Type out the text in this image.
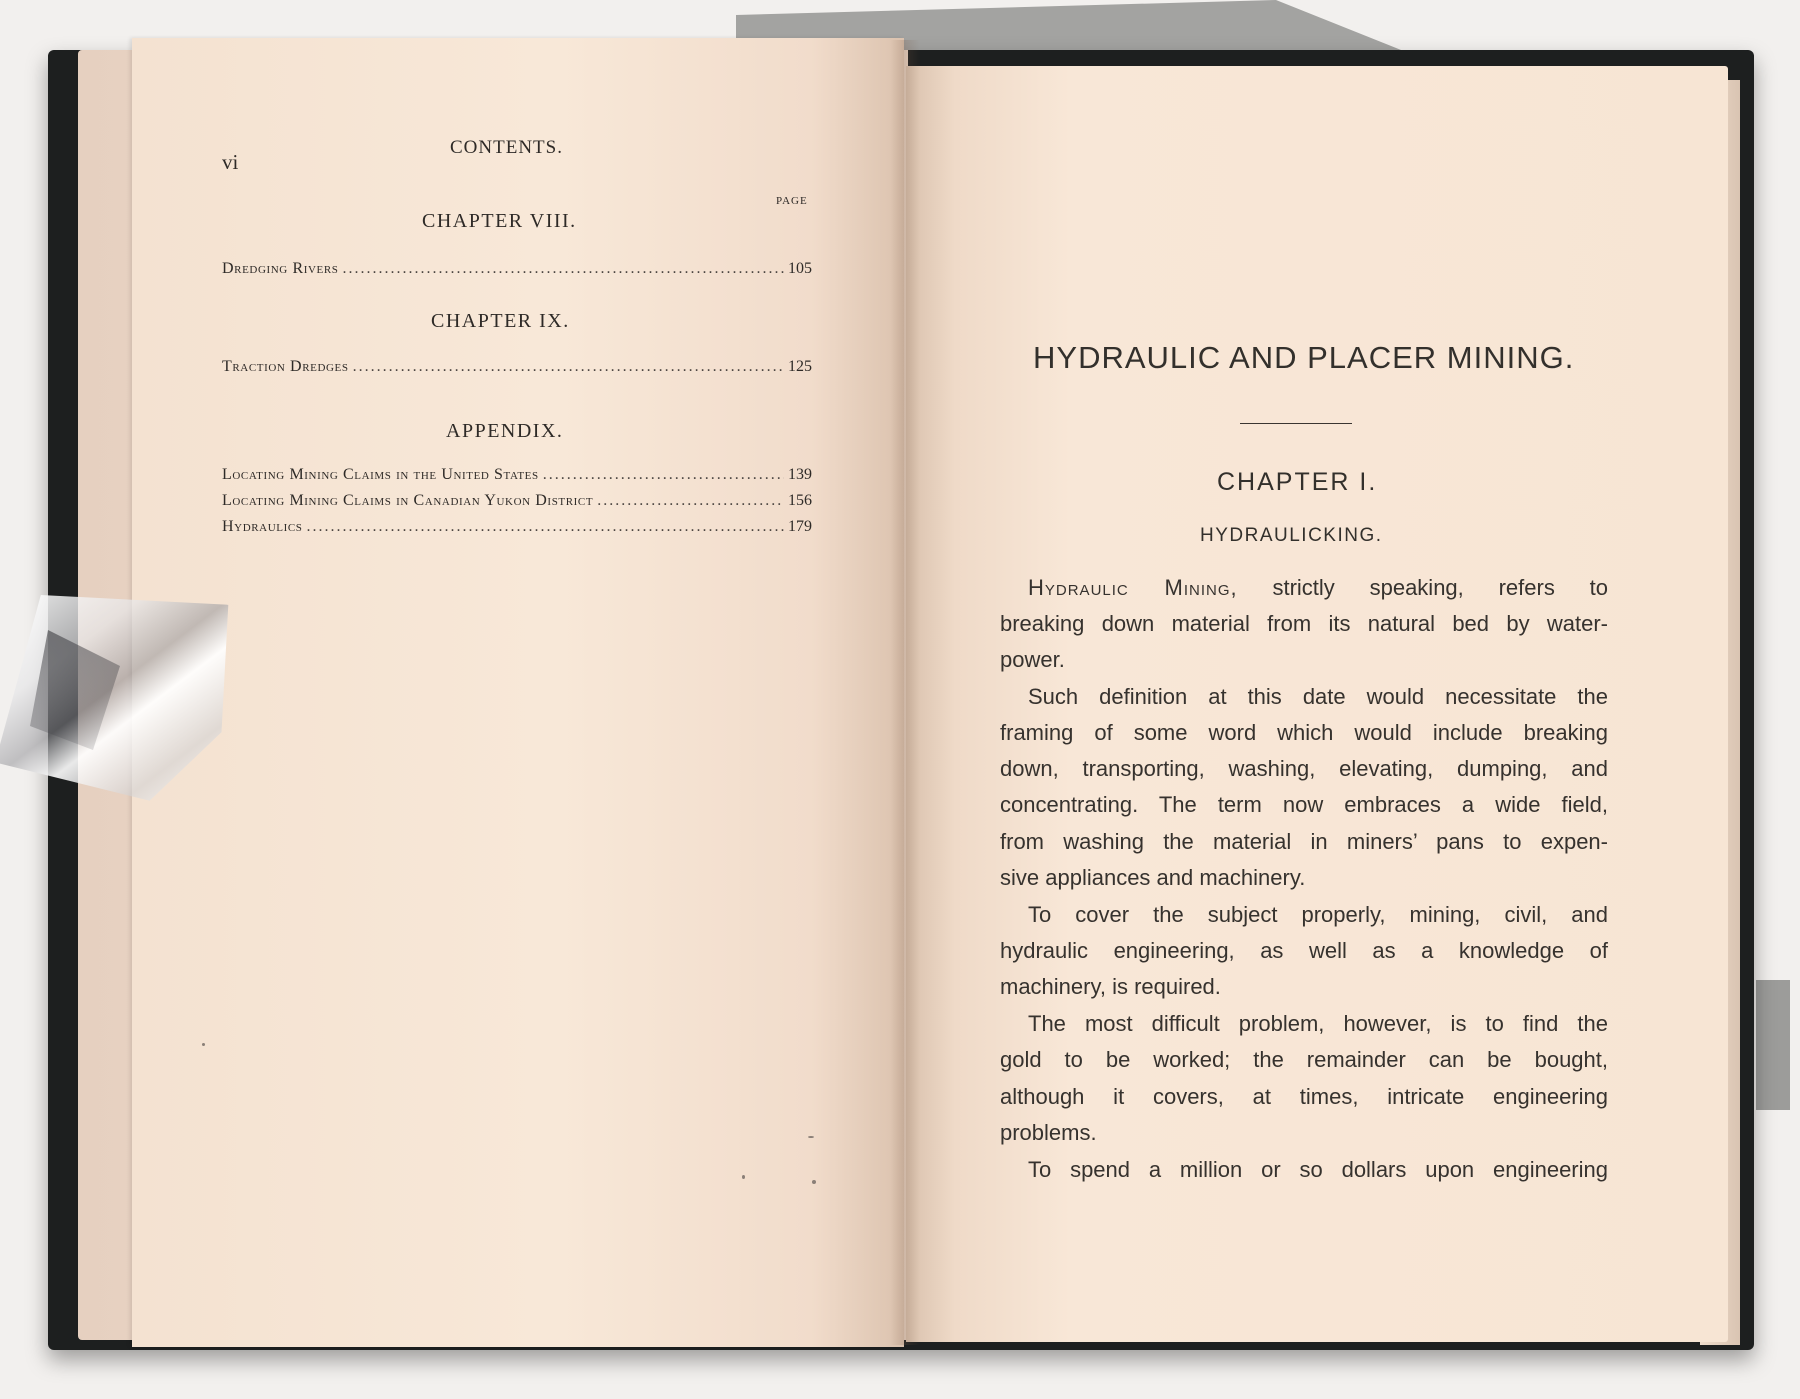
vi
CONTENTS.
PAGE
CHAPTER VIII.
Dredging Rivers .....	105
CHAPTER IX.
Traction Dredges .....	125
APPENDIX.
Locating Mining Claims in the United States .....	139
Locating Mining Claims in Canadian Yukon District .....	156
Hydraulics .....	179
HYDRAULIC AND PLACER MINING.
CHAPTER I.
HYDRAULICKING.
Hydraulic Mining, strictly speaking, refers to
breaking down material from its natural bed by water-
power.
Such definition at this date would necessitate the
framing of some word which would include breaking
down, transporting, washing, elevating, dumping, and
concentrating. The term now embraces a wide field,
from washing the material in miners’ pans to expen-
sive appliances and machinery.
To cover the subject properly, mining, civil, and
hydraulic engineering, as well as a knowledge of
machinery, is required.
The most difficult problem, however, is to find the
gold to be worked; the remainder can be bought,
although it covers, at times, intricate engineering
problems.
To spend a million or so dollars upon engineering
